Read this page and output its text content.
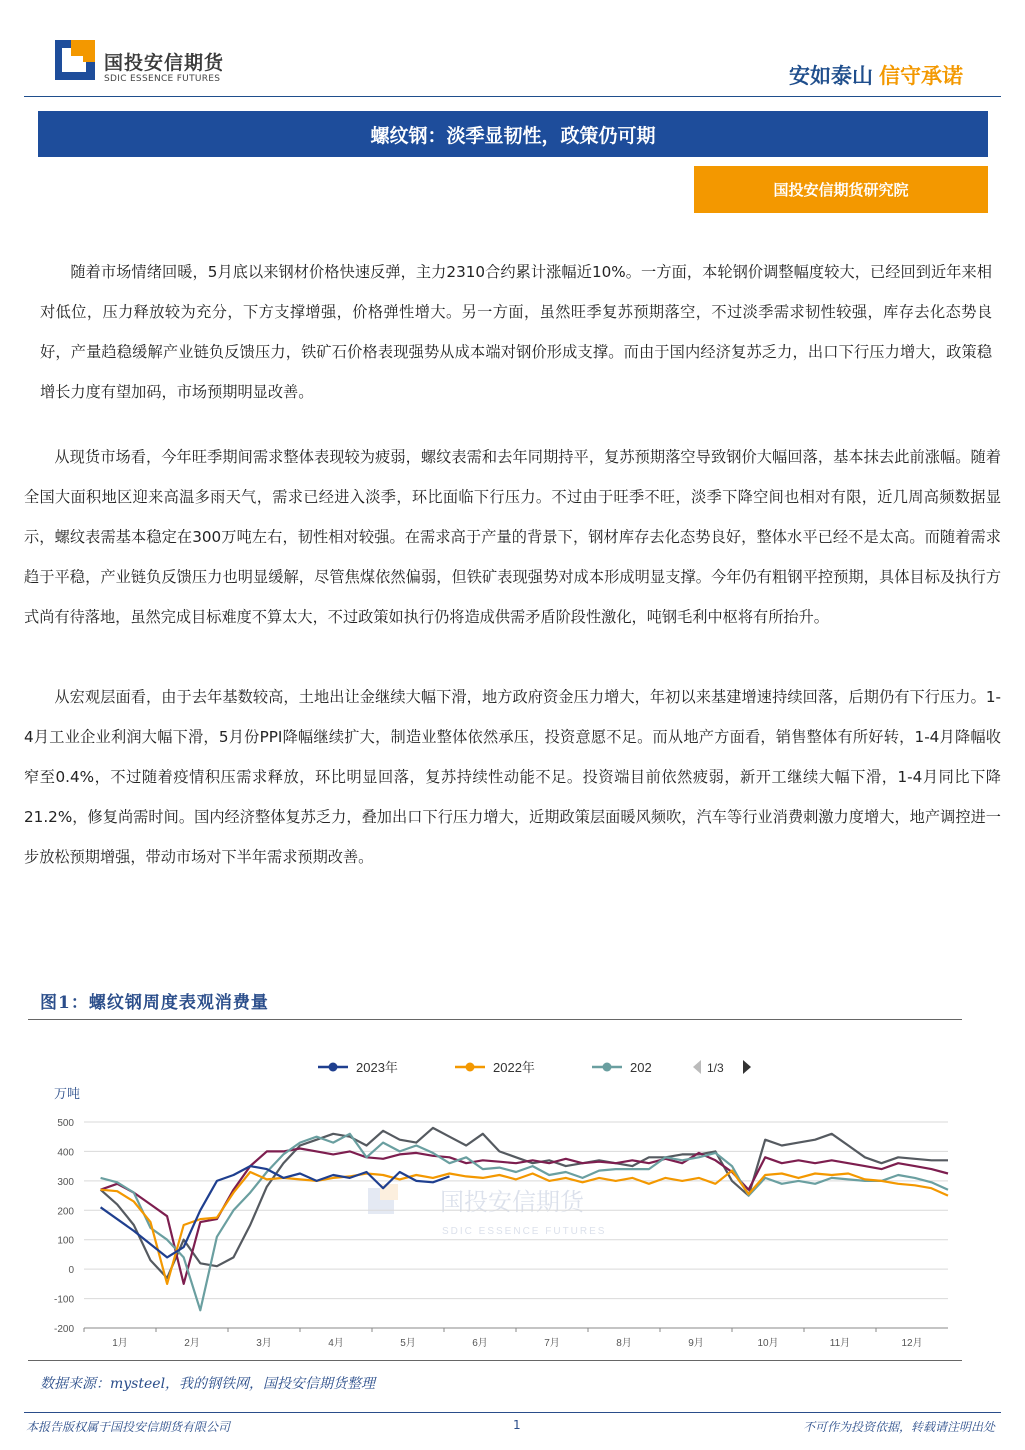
国投安信期货
SDIC ESSENCE FUTURES	安如泰山 信守承诺
螺纹钢：淡季显韧性，政策仍可期
国投安信期货研究院

随着市场情绪回暖，5月底以来钢材价格快速反弹，主力2310合约累计涨幅近10%。一方面，本轮钢价调整幅度较大，已经回到近年来相对低位，压力释放较为充分，下方支撑增强，价格弹性增大。另一方面，虽然旺季复苏预期落空，不过淡季需求韧性较强，库存去化态势良好，产量趋稳缓解产业链负反馈压力，铁矿石价格表现强势从成本端对钢价形成支撑。而由于国内经济复苏乏力，出口下行压力增大，政策稳增长力度有望加码，市场预期明显改善。

从现货市场看，今年旺季期间需求整体表现较为疲弱，螺纹表需和去年同期持平，复苏预期落空导致钢价大幅回落，基本抹去此前涨幅。随着全国大面积地区迎来高温多雨天气，需求已经进入淡季，环比面临下行压力。不过由于旺季不旺，淡季下降空间也相对有限，近几周高频数据显示，螺纹表需基本稳定在300万吨左右，韧性相对较强。在需求高于产量的背景下，钢材库存去化态势良好，整体水平已经不是太高。而随着需求趋于平稳，产业链负反馈压力也明显缓解，尽管焦煤依然偏弱，但铁矿表现强势对成本形成明显支撑。今年仍有粗钢平控预期，具体目标及执行方式尚有待落地，虽然完成目标难度不算太大，不过政策如执行仍将造成供需矛盾阶段性激化，吨钢毛利中枢将有所抬升。

从宏观层面看，由于去年基数较高，土地出让金继续大幅下滑，地方政府资金压力增大，年初以来基建增速持续回落，后期仍有下行压力。1-4月工业企业利润大幅下滑，5月份PPI降幅继续扩大，制造业整体依然承压，投资意愿不足。而从地产方面看，销售整体有所好转，1-4月降幅收窄至0.4%，不过随着疫情积压需求释放，环比明显回落，复苏持续性动能不足。投资端目前依然疲弱，新开工继续大幅下滑，1-4月同比下降21.2%，修复尚需时间。国内经济整体复苏乏力，叠加出口下行压力增大，近期政策层面暖风频吹，汽车等行业消费刺激力度增大，地产调控进一步放松预期增强，带动市场对下半年需求预期改善。

图1：螺纹钢周度表观消费量
国投安信期货
SDIC ESSENCE FUTURES
万吨
-200
-100
0
100
200
300
400
500
1月	2月	3月	4月	5月	6月	7月	8月	9月	10月	11月	12月
2023年	2022年	202	1/3
数据来源：mysteel，我的钢铁网，国投安信期货整理
本报告版权属于国投安信期货有限公司	1	不可作为投资依据，转载请注明出处
